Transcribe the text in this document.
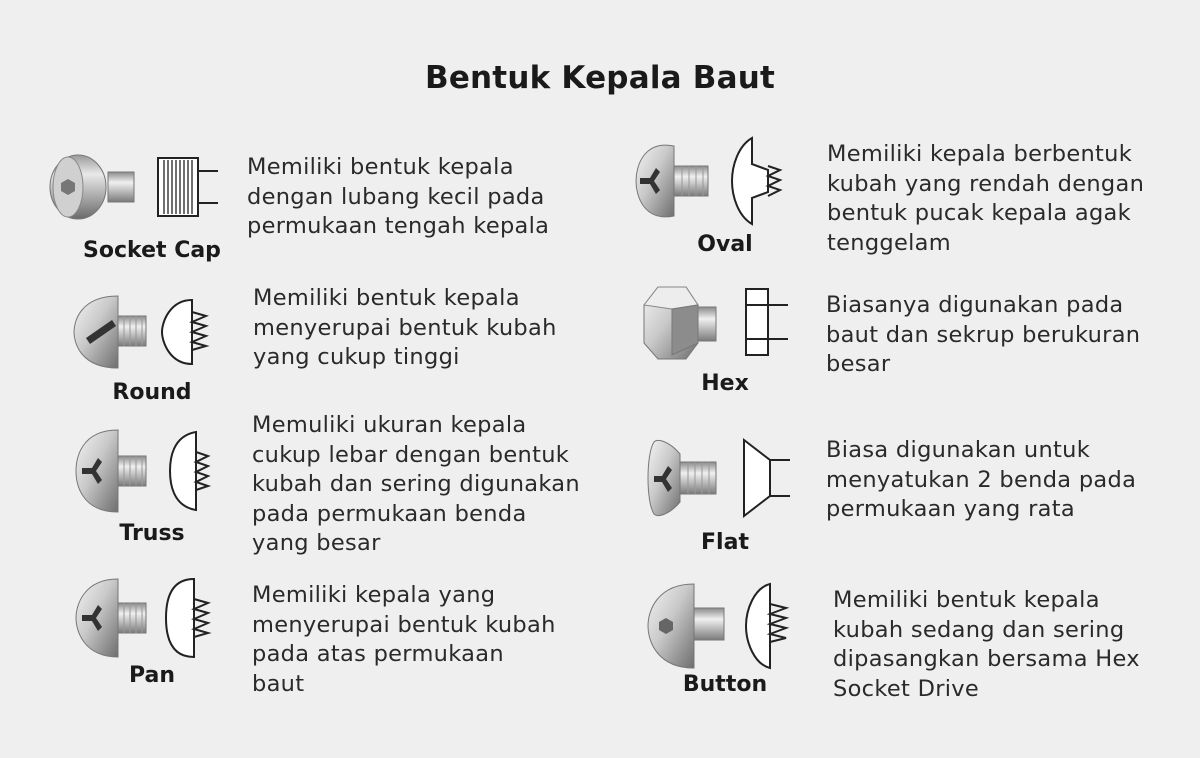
Bentuk Kepala Baut
Socket Cap
Memiliki bentuk kepala
dengan lubang kecil pada
permukaan tengah kepala
Round
Memiliki bentuk kepala
menyerupai bentuk kubah
yang cukup tinggi
Truss
Memuliki ukuran kepala
cukup lebar dengan bentuk
kubah dan sering digunakan
pada permukaan benda
yang besar
Pan
Memiliki kepala yang
menyerupai bentuk kubah
pada atas permukaan
baut
Oval
Memiliki kepala berbentuk
kubah yang rendah dengan
bentuk pucak kepala agak
tenggelam
Hex
Biasanya digunakan pada
baut dan sekrup berukuran
besar
Flat
Biasa digunakan untuk
menyatukan 2 benda pada
permukaan yang rata
Button
Memiliki bentuk kepala
kubah sedang dan sering
dipasangkan bersama Hex
Socket Drive
